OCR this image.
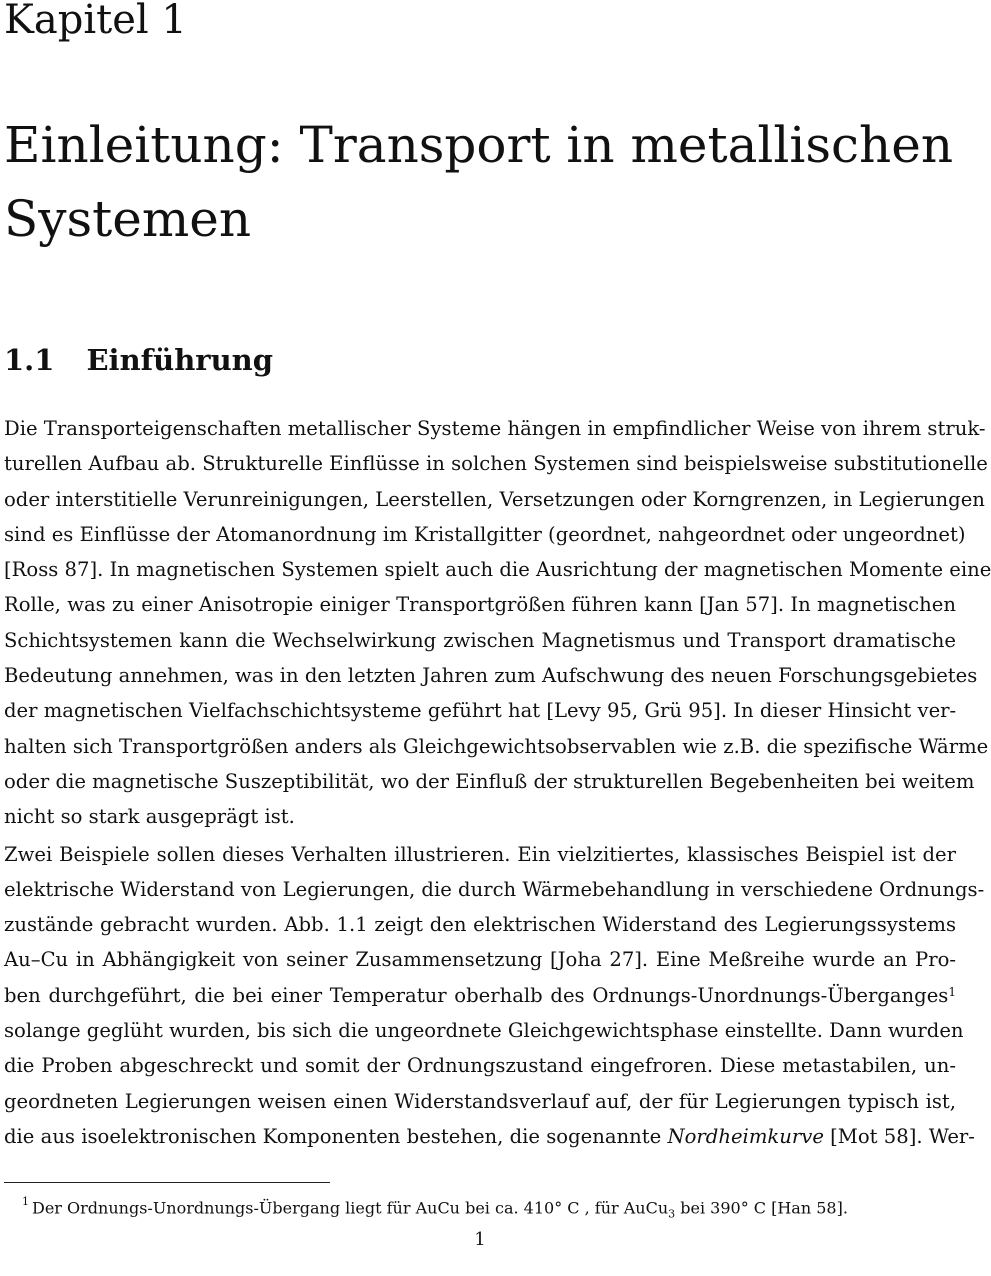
Kapitel 1
Einleitung: Transport in metallischen
Systemen
1.1 Einführung
Die Transporteigenschaften metallischer Systeme hängen in empfindlicher Weise von ihrem struk-
turellen Aufbau ab. Strukturelle Einflüsse in solchen Systemen sind beispielsweise substitutionelle
oder interstitielle Verunreinigungen, Leerstellen, Versetzungen oder Korngrenzen, in Legierungen
sind es Einflüsse der Atomanordnung im Kristallgitter (geordnet, nahgeordnet oder ungeordnet)
[Ross 87]. In magnetischen Systemen spielt auch die Ausrichtung der magnetischen Momente eine
Rolle, was zu einer Anisotropie einiger Transportgrößen führen kann [Jan 57]. In magnetischen
Schichtsystemen kann die Wechselwirkung zwischen Magnetismus und Transport dramatische
Bedeutung annehmen, was in den letzten Jahren zum Aufschwung des neuen Forschungsgebietes
der magnetischen Vielfachschichtsysteme geführt hat [Levy 95, Grü 95]. In dieser Hinsicht ver-
halten sich Transportgrößen anders als Gleichgewichtsobservablen wie z.B. die spezifische Wärme
oder die magnetische Suszeptibilität, wo der Einfluß der strukturellen Begebenheiten bei weitem
nicht so stark ausgeprägt ist.
Zwei Beispiele sollen dieses Verhalten illustrieren. Ein vielzitiertes, klassisches Beispiel ist der
elektrische Widerstand von Legierungen, die durch Wärmebehandlung in verschiedene Ordnungs-
zustände gebracht wurden. Abb. 1.1 zeigt den elektrischen Widerstand des Legierungssystems
Au–Cu in Abhängigkeit von seiner Zusammensetzung [Joha 27]. Eine Meßreihe wurde an Pro-
ben durchgeführt, die bei einer Temperatur oberhalb des Ordnungs-Unordnungs-Überganges$^1$
solange geglüht wurden, bis sich die ungeordnete Gleichgewichtsphase einstellte. Dann wurden
die Proben abgeschreckt und somit der Ordnungszustand eingefroren. Diese metastabilen, un-
geordneten Legierungen weisen einen Widerstandsverlauf auf, der für Legierungen typisch ist,
die aus isoelektronischen Komponenten bestehen, die sogenannte Nordheimkurve [Mot 58]. Wer-
$^1$ Der Ordnungs-Unordnungs-Übergang liegt für AuCu bei ca. 410° C , für AuCu$_3$ bei 390° C [Han 58].
1
